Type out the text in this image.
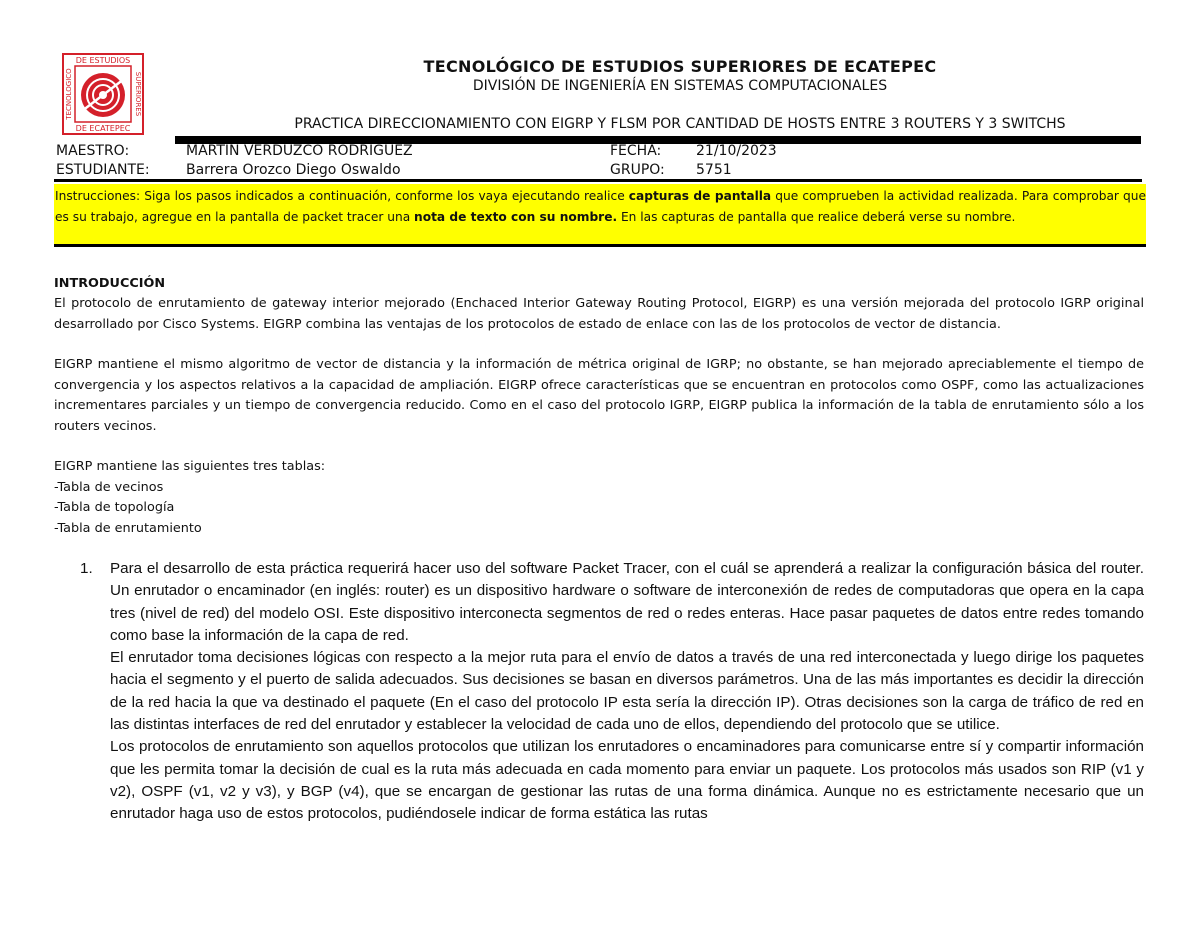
DE ESTUDIOS
DE ECATEPEC
TECNOLOGICO	SUPERIORES
TECNOLÓGICO DE ESTUDIOS SUPERIORES DE ECATEPEC
DIVISIÓN DE INGENIERÍA EN SISTEMAS COMPUTACIONALES
PRACTICA DIRECCIONAMIENTO CON EIGRP Y FLSM POR CANTIDAD DE HOSTS ENTRE 3 ROUTERS Y 3 SWITCHS
MAESTRO:	MARTIN VERDUZCO RODRIGUEZ	FECHA: 21/10/2023
ESTUDIANTE:	Barrera Orozco Diego Oswaldo	GRUPO: 5751
Instrucciones: Siga los pasos indicados a continuación, conforme los vaya ejecutando realice capturas de pantalla que comprueben la actividad realizada. Para comprobar que es su trabajo, agregue en la pantalla de packet tracer una nota de texto con su nombre. En las capturas de pantalla que realice deberá verse su nombre.
INTRODUCCIÓN
El protocolo de enrutamiento de gateway interior mejorado (Enchaced Interior Gateway Routing Protocol, EIGRP) es una versión mejorada del protocolo IGRP original desarrollado por Cisco Systems. EIGRP combina las ventajas de los protocolos de estado de enlace con las de los protocolos de vector de distancia.
EIGRP mantiene el mismo algoritmo de vector de distancia y la información de métrica original de IGRP; no obstante, se han mejorado apreciablemente el tiempo de convergencia y los aspectos relativos a la capacidad de ampliación. EIGRP ofrece características que se encuentran en protocolos como OSPF, como las actualizaciones incrementares parciales y un tiempo de convergencia reducido. Como en el caso del protocolo IGRP, EIGRP publica la información de la tabla de enrutamiento sólo a los routers vecinos.
EIGRP mantiene las siguientes tres tablas:
-Tabla de vecinos
-Tabla de topología
-Tabla de enrutamiento
1. Para el desarrollo de esta práctica requerirá hacer uso del software Packet Tracer, con el cuál se aprenderá a realizar la configuración básica del router. Un enrutador o encaminador (en inglés: router) es un dispositivo hardware o software de interconexión de redes de computadoras que opera en la capa tres (nivel de red) del modelo OSI. Este dispositivo interconecta segmentos de red o redes enteras. Hace pasar paquetes de datos entre redes tomando como base la información de la capa de red.

El enrutador toma decisiones lógicas con respecto a la mejor ruta para el envío de datos a través de una red interconectada y luego dirige los paquetes hacia el segmento y el puerto de salida adecuados. Sus decisiones se basan en diversos parámetros. Una de las más importantes es decidir la dirección de la red hacia la que va destinado el paquete (En el caso del protocolo IP esta sería la dirección IP). Otras decisiones son la carga de tráfico de red en las distintas interfaces de red del enrutador y establecer la velocidad de cada uno de ellos, dependiendo del protocolo que se utilice.

Los protocolos de enrutamiento son aquellos protocolos que utilizan los enrutadores o encaminadores para comunicarse entre sí y compartir información que les permita tomar la decisión de cual es la ruta más adecuada en cada momento para enviar un paquete. Los protocolos más usados son RIP (v1 y v2), OSPF (v1, v2 y v3), y BGP (v4), que se encargan de gestionar las rutas de una forma dinámica. Aunque no es estrictamente necesario que un enrutador haga uso de estos protocolos, pudiéndosele indicar de forma estática las rutas
